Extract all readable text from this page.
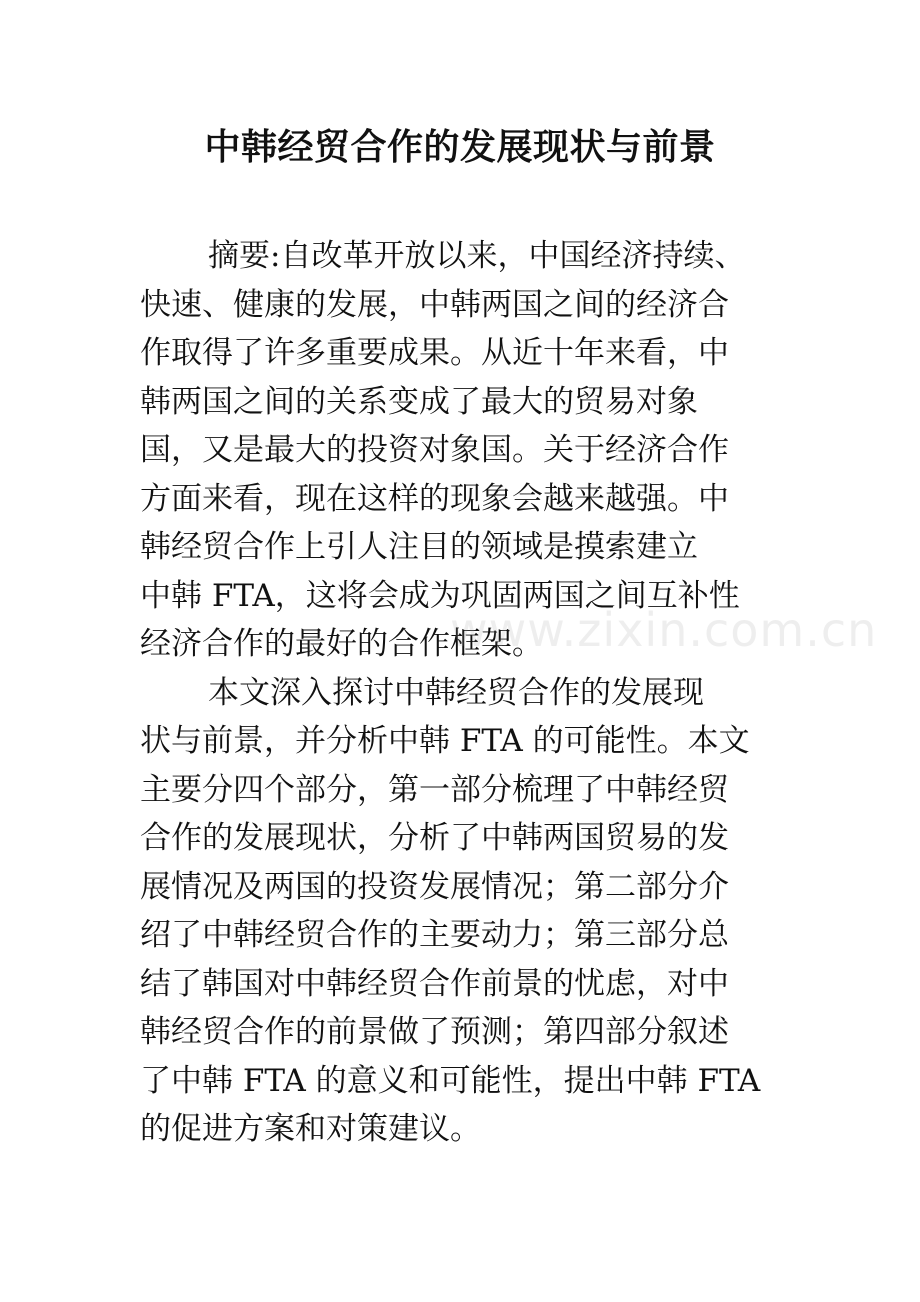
中韩经贸合作的发展现状与前景
摘要:自改革开放以来，中国经济持续、
快速、健康的发展，中韩两国之间的经济合
作取得了许多重要成果。从近十年来看，中
韩两国之间的关系变成了最大的贸易对象
国，又是最大的投资对象国。关于经济合作
方面来看，现在这样的现象会越来越强。中
韩经贸合作上引人注目的领域是摸索建立
中韩 FTA，这将会成为巩固两国之间互补性
经济合作的最好的合作框架。
本文深入探讨中韩经贸合作的发展现
状与前景，并分析中韩 FTA 的可能性。本文
主要分四个部分，第一部分梳理了中韩经贸
合作的发展现状，分析了中韩两国贸易的发
展情况及两国的投资发展情况；第二部分介
绍了中韩经贸合作的主要动力；第三部分总
结了韩国对中韩经贸合作前景的忧虑，对中
韩经贸合作的前景做了预测；第四部分叙述
了中韩 FTA 的意义和可能性，提出中韩 FTA
的促进方案和对策建议。
www.zixin.com.cn
